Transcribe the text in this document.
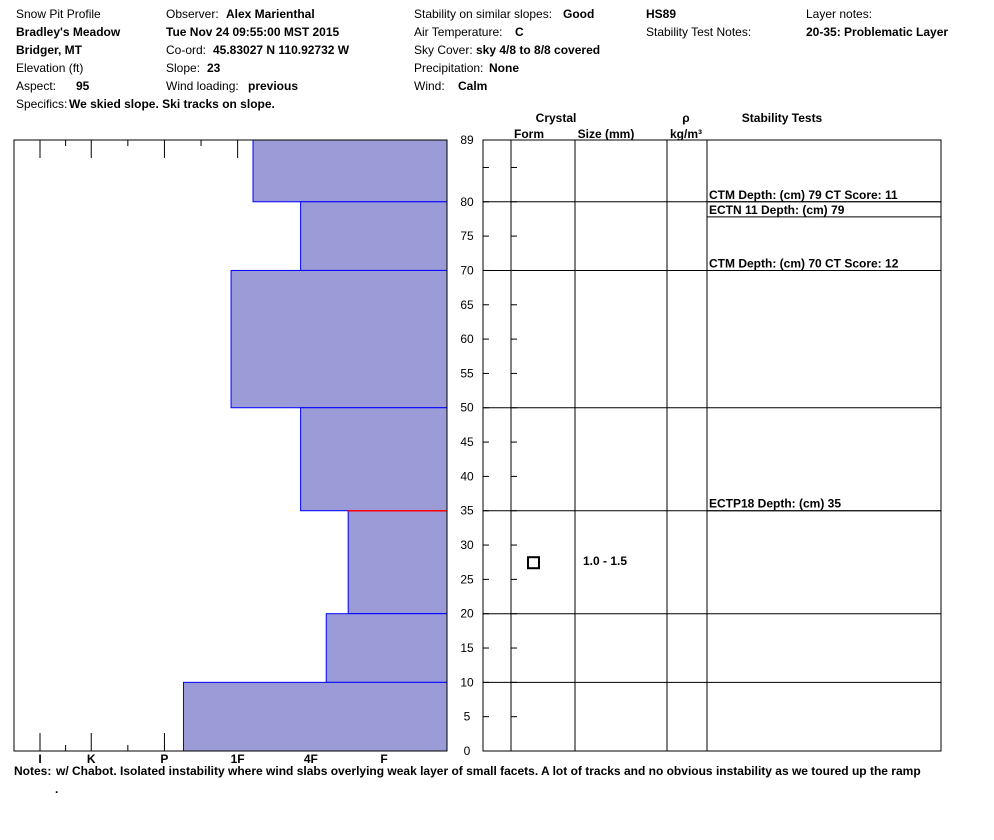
Snow Pit Profile	Observer: Alex Marienthal	Stability on similar slopes: Good	HS89	Layer notes:
Bradley's Meadow	Tue Nov 24 09:55:00 MST 2015	Air Temperature: C	Stability Test Notes:	20-35: Problematic Layer
Bridger, MT	Co-ord: 45.83027 N 110.92732 W	Sky Cover: sky 4/8 to 8/8 covered
Elevation (ft)	Slope: 23	Precipitation: None
Aspect: 95	Wind loading: previous	Wind: Calm
Specifics: We skied slope. Ski tracks on slope.
I	K	P	1F	4F	F
89
80
75
70
65
60
55
50
45
40
35
30
25
20
15
10
5
0
1.0 - 1.5
CTM Depth: (cm) 79 CT Score: 11
ECTN 11 Depth: (cm) 79
CTM Depth: (cm) 70 CT Score: 12
ECTP18 Depth: (cm) 35
Crystal
Form	Size (mm)
ρ
kg/m³
Stability Tests
Notes: w/ Chabot. Isolated instability where wind slabs overlying weak layer of small facets. A lot of tracks and no obvious instability as we toured up the ramp
.
